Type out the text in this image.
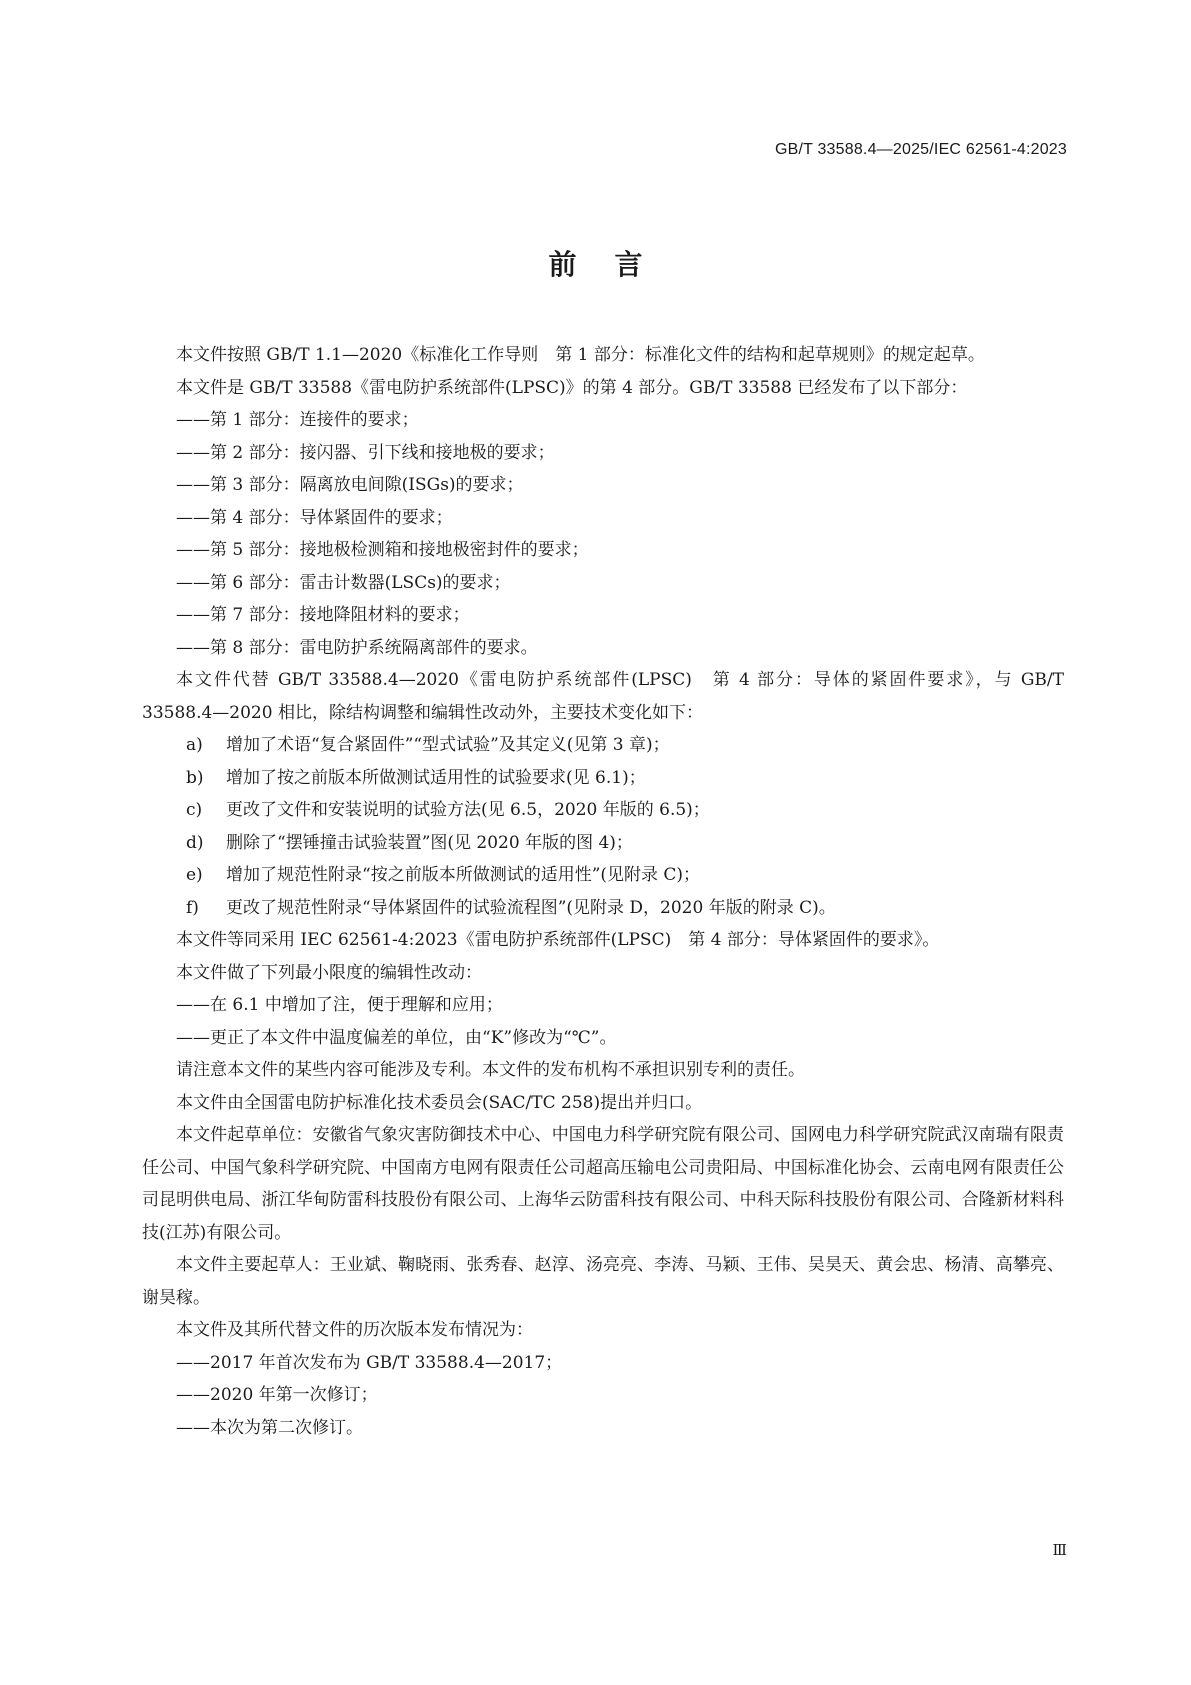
GB/T 33588.4—2025/IEC 62561-4:2023
前言

本文件按照 GB/T 1.1—2020《标准化工作导则　第 1 部分：标准化文件的结构和起草规则》的规定起草。

本文件是 GB/T 33588《雷电防护系统部件(LPSC)》的第 4 部分。GB/T 33588 已经发布了以下部分：

——第 1 部分：连接件的要求；

——第 2 部分：接闪器、引下线和接地极的要求；

——第 3 部分：隔离放电间隙(ISGs)的要求；

——第 4 部分：导体紧固件的要求；

——第 5 部分：接地极检测箱和接地极密封件的要求；

——第 6 部分：雷击计数器(LSCs)的要求；

——第 7 部分：接地降阻材料的要求；

——第 8 部分：雷电防护系统隔离部件的要求。

本文件代替 GB/T 33588.4—2020《雷电防护系统部件(LPSC)　第 4 部分：导体的紧固件要求》，与 GB/T 33588.4—2020 相比，除结构调整和编辑性改动外，主要技术变化如下：

a) 增加了术语“复合紧固件”“型式试验”及其定义(见第 3 章)；

b) 增加了按之前版本所做测试适用性的试验要求(见 6.1)；

c) 更改了文件和安装说明的试验方法(见 6.5，2020 年版的 6.5)；

d) 删除了“摆锤撞击试验装置”图(见 2020 年版的图 4)；

e) 增加了规范性附录“按之前版本所做测试的适用性”(见附录 C)；

f) 更改了规范性附录“导体紧固件的试验流程图”(见附录 D，2020 年版的附录 C)。

本文件等同采用 IEC 62561-4:2023《雷电防护系统部件(LPSC)　第 4 部分：导体紧固件的要求》。

本文件做了下列最小限度的编辑性改动：

——在 6.1 中增加了注，便于理解和应用；

——更正了本文件中温度偏差的单位，由“K”修改为“℃”。

请注意本文件的某些内容可能涉及专利。本文件的发布机构不承担识别专利的责任。

本文件由全国雷电防护标准化技术委员会(SAC/TC 258)提出并归口。

本文件起草单位：安徽省气象灾害防御技术中心、中国电力科学研究院有限公司、国网电力科学研究院武汉南瑞有限责任公司、中国气象科学研究院、中国南方电网有限责任公司超高压输电公司贵阳局、中国标准化协会、云南电网有限责任公司昆明供电局、浙江华甸防雷科技股份有限公司、上海华云防雷科技有限公司、中科天际科技股份有限公司、合隆新材料科技(江苏)有限公司。

本文件主要起草人：王业斌、鞠晓雨、张秀春、赵淳、汤亮亮、李涛、马颖、王伟、吴昊天、黄会忠、杨清、高攀亮、谢昊稼。

本文件及其所代替文件的历次版本发布情况为：

——2017 年首次发布为 GB/T 33588.4—2017；

——2020 年第一次修订；

——本次为第二次修订。

Ⅲ
